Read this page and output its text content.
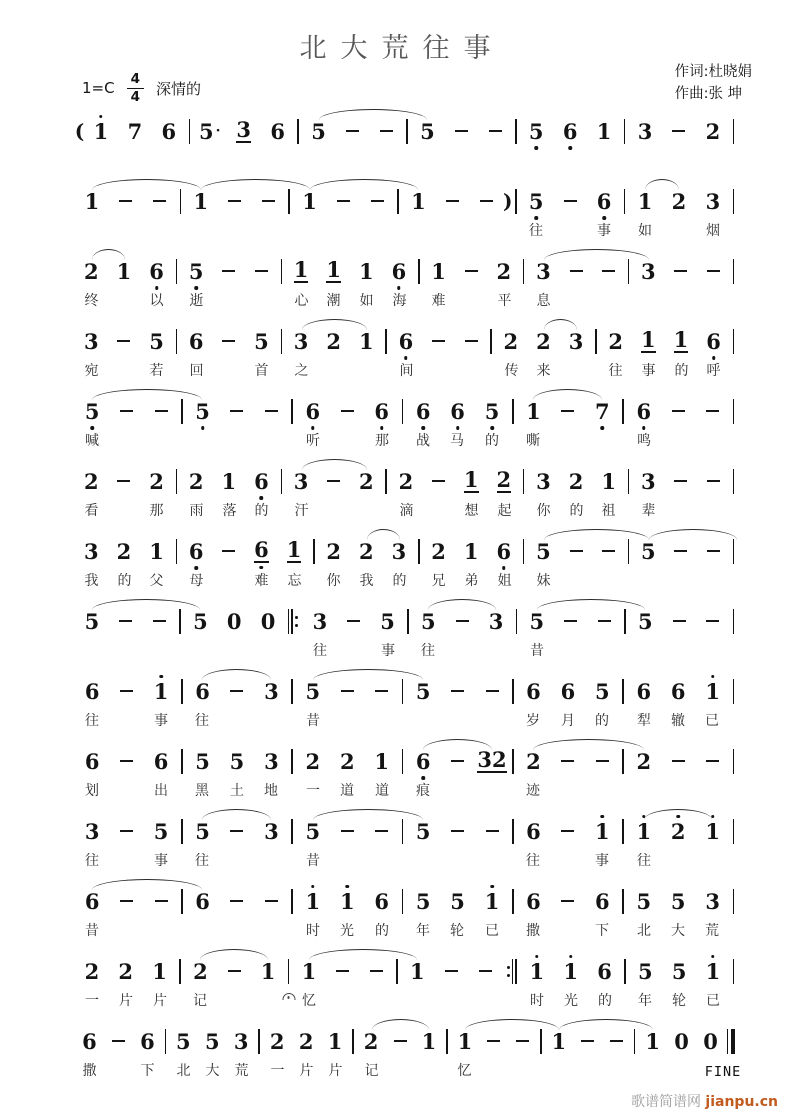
北大荒往事
作词:杜晓娟
作曲:张 坤
$1=C \frac{4}{4}$ 深情的
( 1 7 6 5 · 3 6 5	5	5 6 1 3	2
1	1	1	1	) 5	6 1 2 3
往	事 如	烟
2 1 6 5	1 1 1 6 1 2 3	3
终	以 逝	心 潮 如 海 难	平 息
3 5 6 5 3 2 1 6	2 2 3 2 1 1 6
宛	若 回	首 之	间	传 来	往 事 的 呼
5	5	6	6 6 6 5 1	7 6
喊	听	那 战 马 的 嘶	鸣
2 2 2 1 6 3 2 2 1 2 3 2 1 3
看	那 雨 落 的 汗	滴	想 起 你 的 祖 辈
3 2 1 6 6 1 2 2 3 2 1 6 5	5
我 的 父 母	难 忘 你 我 的 兄 弟 姐 妹
5	5 0 0 3	5 5	3 5	5
往	事 往	昔
6	1 6	3 5	5	6 6 5 6 6 1
往	事 往	昔	岁 月 的 犁 辙 已
6	6 5 5 3 2 2 1 6 32 2	2
划	出 黑 土 地 一 道 道 痕	迹
3	5 5	3 5	5	6	1 1 2 1
往	事 往	昔	往	事 往
6	6	1 1 6 5 5 1 6	6 5 5 3
昔	时 光 的 年 轮 已 撒	下 北 大 荒
2 2 1 2	1 1	1	1 1 6 5 5 1
一 片 片 记	忆	时 光 的 年 轮 已
6 6 5 5 3 2 2 1 2 1 1	1	1 0 0
撒	下 北 大 荒 一 片 片 记	忆	FINE
歌谱简谱网 jianpu.cn
